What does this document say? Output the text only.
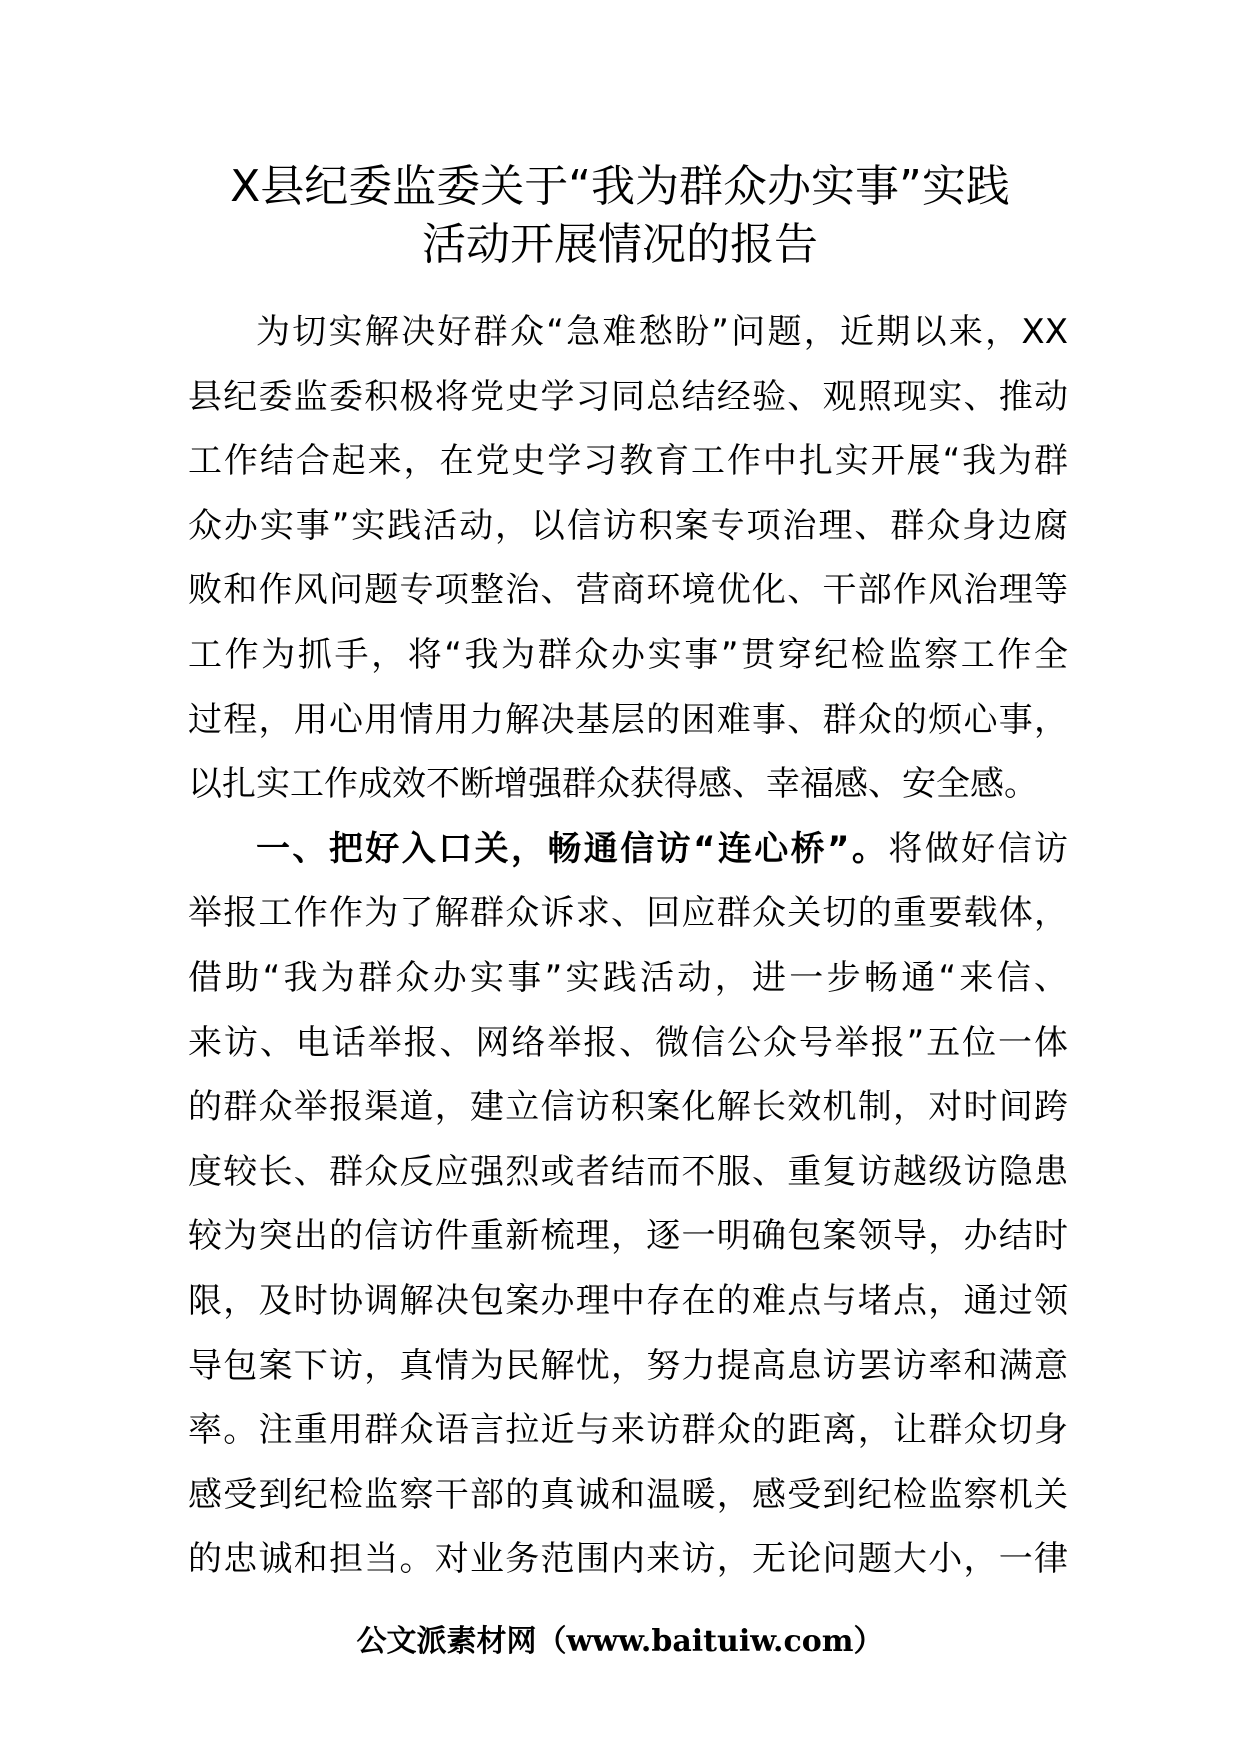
X县纪委监委关于“我为群众办实事”实践
活动开展情况的报告
为切实解决好群众“急难愁盼”问题，近期以来，XX
县纪委监委积极将党史学习同总结经验、观照现实、推动
工作结合起来，在党史学习教育工作中扎实开展“我为群
众办实事”实践活动，以信访积案专项治理、群众身边腐
败和作风问题专项整治、营商环境优化、干部作风治理等
工作为抓手，将“我为群众办实事”贯穿纪检监察工作全
过程，用心用情用力解决基层的困难事、群众的烦心事，
以扎实工作成效不断增强群众获得感、幸福感、安全感。
一、把好入口关，畅通信访“连心桥”。将做好信访
举报工作作为了解群众诉求、回应群众关切的重要载体，
借助“我为群众办实事”实践活动，进一步畅通“来信、
来访、电话举报、网络举报、微信公众号举报”五位一体
的群众举报渠道，建立信访积案化解长效机制，对时间跨
度较长、群众反应强烈或者结而不服、重复访越级访隐患
较为突出的信访件重新梳理，逐一明确包案领导，办结时
限，及时协调解决包案办理中存在的难点与堵点，通过领
导包案下访，真情为民解忧，努力提高息访罢访率和满意
率。注重用群众语言拉近与来访群众的距离，让群众切身
感受到纪检监察干部的真诚和温暖，感受到纪检监察机关
的忠诚和担当。对业务范围内来访，无论问题大小，一律
公文派素材网（www.baituiw.com）
